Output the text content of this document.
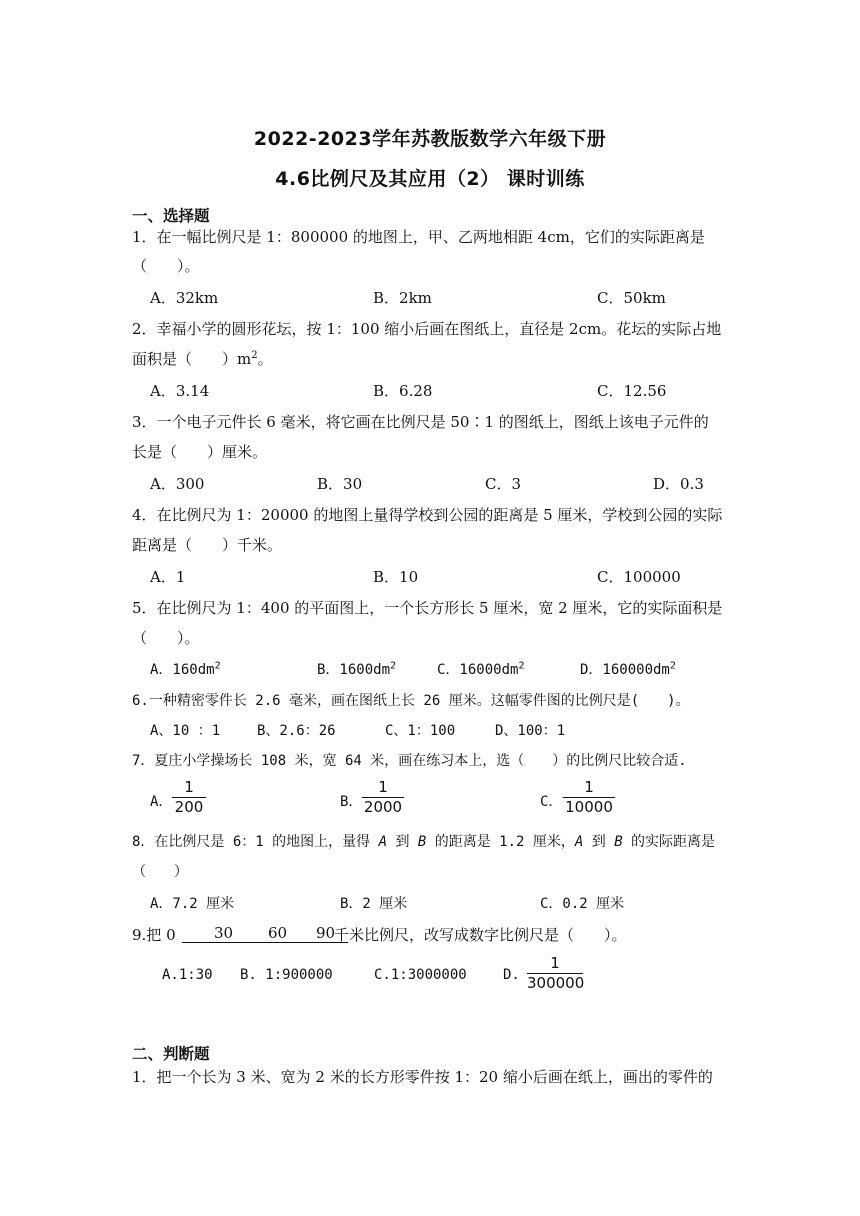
2022-2023学年苏教版数学六年级下册
4.6比例尺及其应用（2） 课时训练
一、选择题
1．在一幅比例尺是 1：800000 的地图上，甲、乙两地相距 4cm，它们的实际距离是
（　　）。
A．32km	B．2km	C．50km
2．幸福小学的圆形花坛，按 1：100 缩小后画在图纸上，直径是 2cm。花坛的实际占地
面积是（　　）$m^2$。
A．3.14	B．6.28	C．12.56
3．一个电子元件长 6 毫米，将它画在比例尺是 50∶1 的图纸上，图纸上该电子元件的
长是（　　）厘米。
A．300	B．30	C．3	D．0.3
4．在比例尺为 1：20000 的地图上量得学校到公园的距离是 5 厘米，学校到公园的实际
距离是（　　）千米。
A．1	B．10	C．100000
5．在比例尺为 1：400 的平面图上，一个长方形长 5 厘米，宽 2 厘米，它的实际面积是
（　　）。
A．$160dm^2$	B．$1600dm^2$	C．$16000dm^2$	D．$160000dm^2$
6.一种精密零件长 2.6 毫米，画在图纸上长 26 厘米。这幅零件图的比例尺是(　　)。
A、10 ：1	B、2.6：26	C、1：100	D、100：1
7．夏庄小学操场长 108 米，宽 64 米，画在练习本上，选（　　）的比例尺比较合适.
A．
1
200	B．
1
2000	C．
1
10000
8．在比例尺是 6：1 的地图上，量得 A 到 B 的距离是 1.2 厘米，A 到 B 的实际距离是
（　　）
A．7.2 厘米	B．2 厘米	C．0.2 厘米
9.把 0	30 60 90
千米比例尺，改写成数字比例尺是（　　）。
A.1:30 B. 1:900000	C.1:3000000	D.
1
300000
二、判断题
1．把一个长为 3 米、宽为 2 米的长方形零件按 1：20 缩小后画在纸上，画出的零件的
